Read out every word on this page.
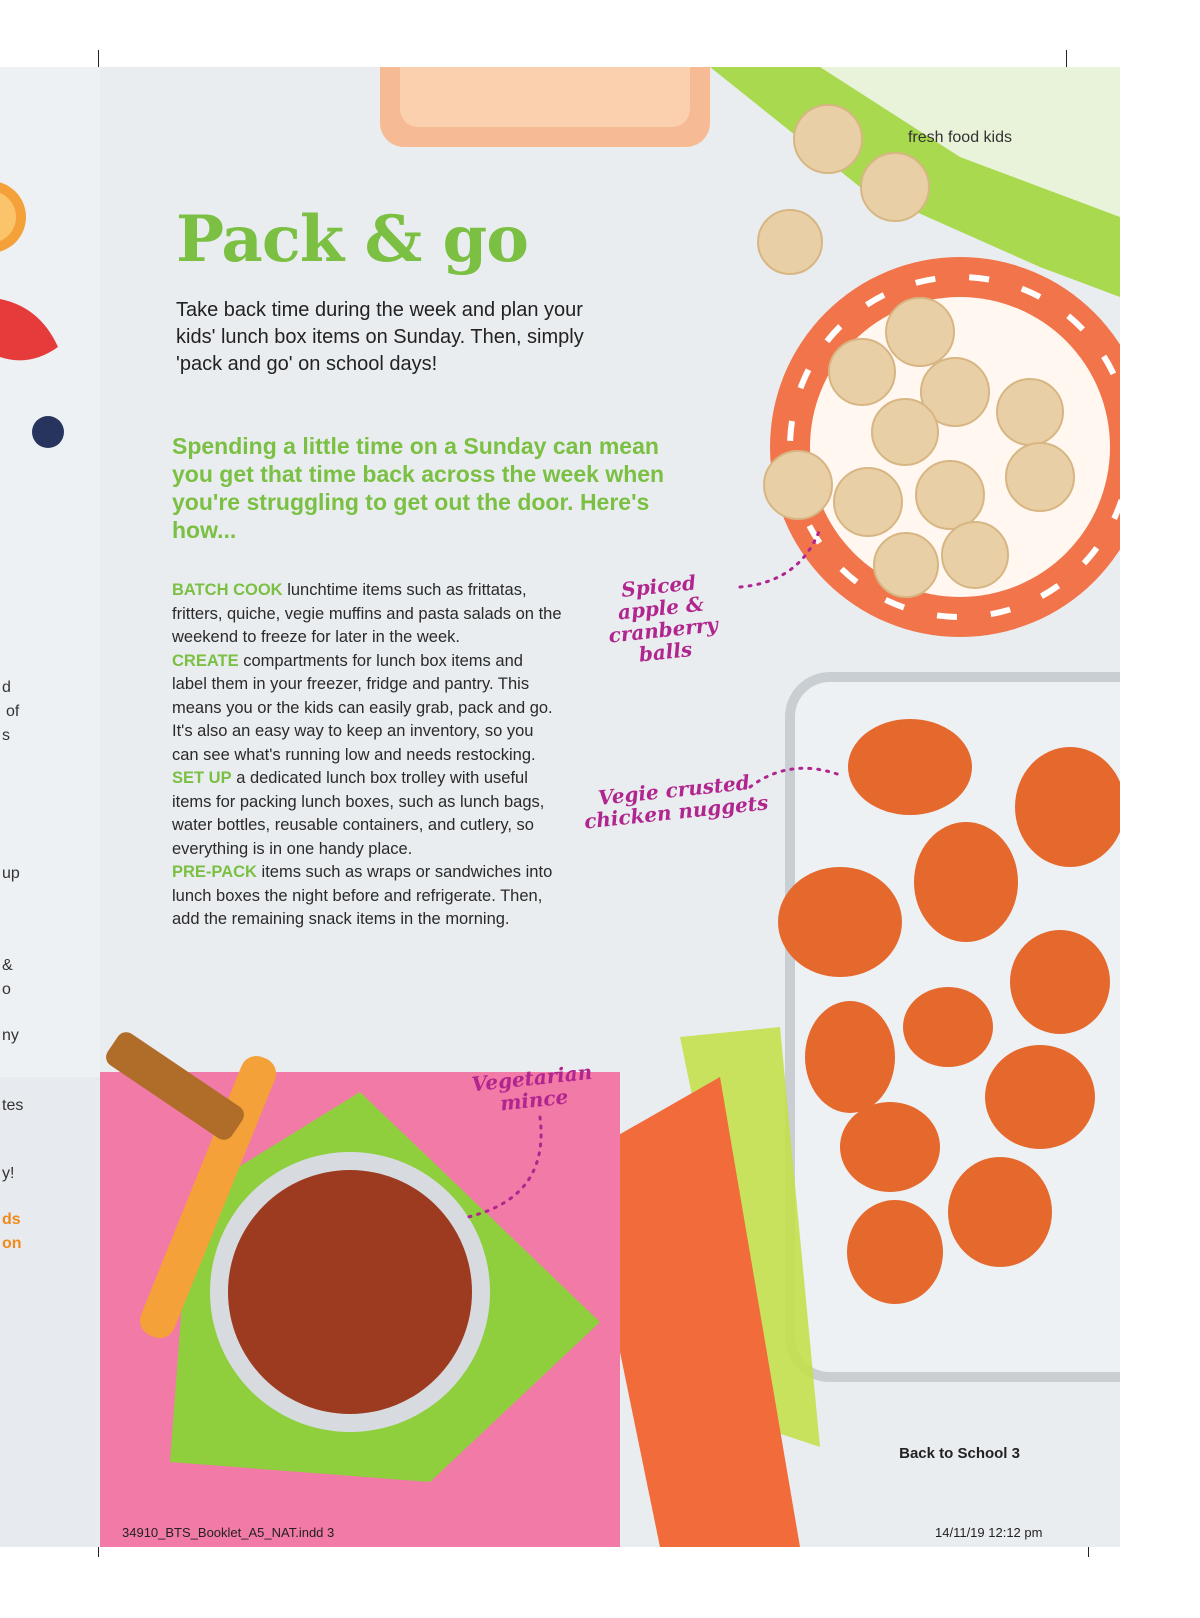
d
of
s
up
&
o
ny
tes
y!
ds
on
fresh food kids
Pack & go

Take back time during the week and plan your kids' lunch box items on Sunday. Then, simply 'pack and go' on school days!

Spending a little time on a Sunday can mean you get that time back across the week when you're struggling to get out the door. Here's how...

BATCH COOK lunchtime items such as frittatas, fritters, quiche, vegie muffins and pasta salads on the weekend to freeze for later in the week.

CREATE compartments for lunch box items and label them in your freezer, fridge and pantry. This means you or the kids can easily grab, pack and go. It's also an easy way to keep an inventory, so you can see what's running low and needs restocking.

SET UP a dedicated lunch box trolley with useful items for packing lunch boxes, such as lunch bags, water bottles, reusable containers, and cutlery, so everything is in one handy place.

PRE-PACK items such as wraps or sandwiches into lunch boxes the night before and refrigerate. Then, add the remaining snack items in the morning.

Spiced apple & cranberry balls
Vegie crusted chicken nuggets
Vegetarian mince
Back to School 3
34910_BTS_Booklet_A5_NAT.indd 3	14/11/19 12:12 pm
